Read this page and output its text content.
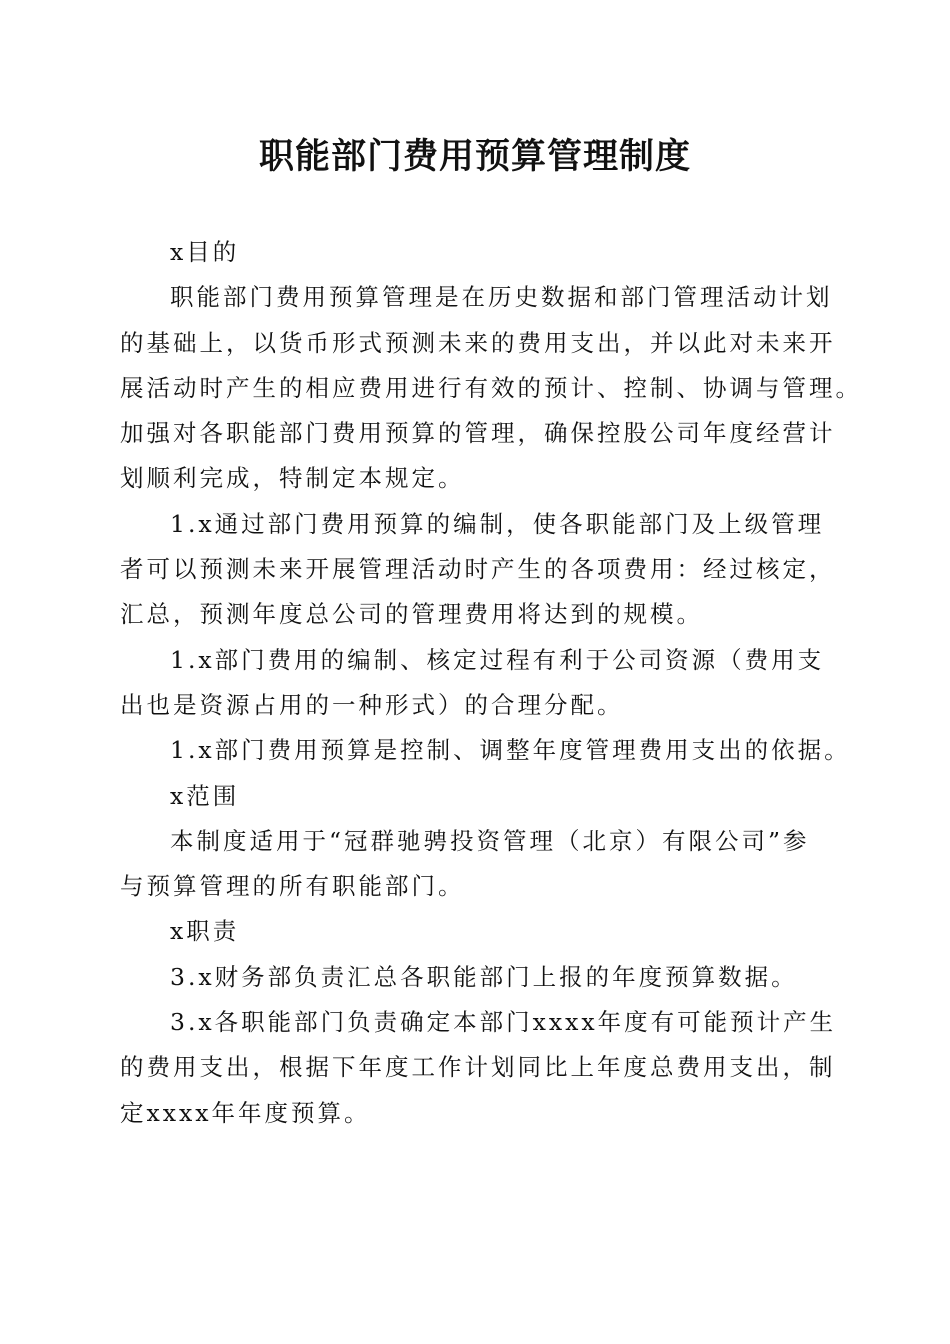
职能部门费用预算管理制度

x目的

职能部门费用预算管理是在历史数据和部门管理活动计划

的基础上，以货币形式预测未来的费用支出，并以此对未来开

展活动时产生的相应费用进行有效的预计、控制、协调与管理。

加强对各职能部门费用预算的管理，确保控股公司年度经营计

划顺利完成，特制定本规定。

1.x通过部门费用预算的编制，使各职能部门及上级管理

者可以预测未来开展管理活动时产生的各项费用：经过核定，

汇总，预测年度总公司的管理费用将达到的规模。

1.x部门费用的编制、核定过程有利于公司资源（费用支

出也是资源占用的一种形式）的合理分配。

1.x部门费用预算是控制、调整年度管理费用支出的依据。

x范围

本制度适用于“冠群驰骋投资管理（北京）有限公司”参

与预算管理的所有职能部门。

x职责

3.x财务部负责汇总各职能部门上报的年度预算数据。

3.x各职能部门负责确定本部门xxxx年度有可能预计产生

的费用支出，根据下年度工作计划同比上年度总费用支出，制

定xxxx年年度预算。
